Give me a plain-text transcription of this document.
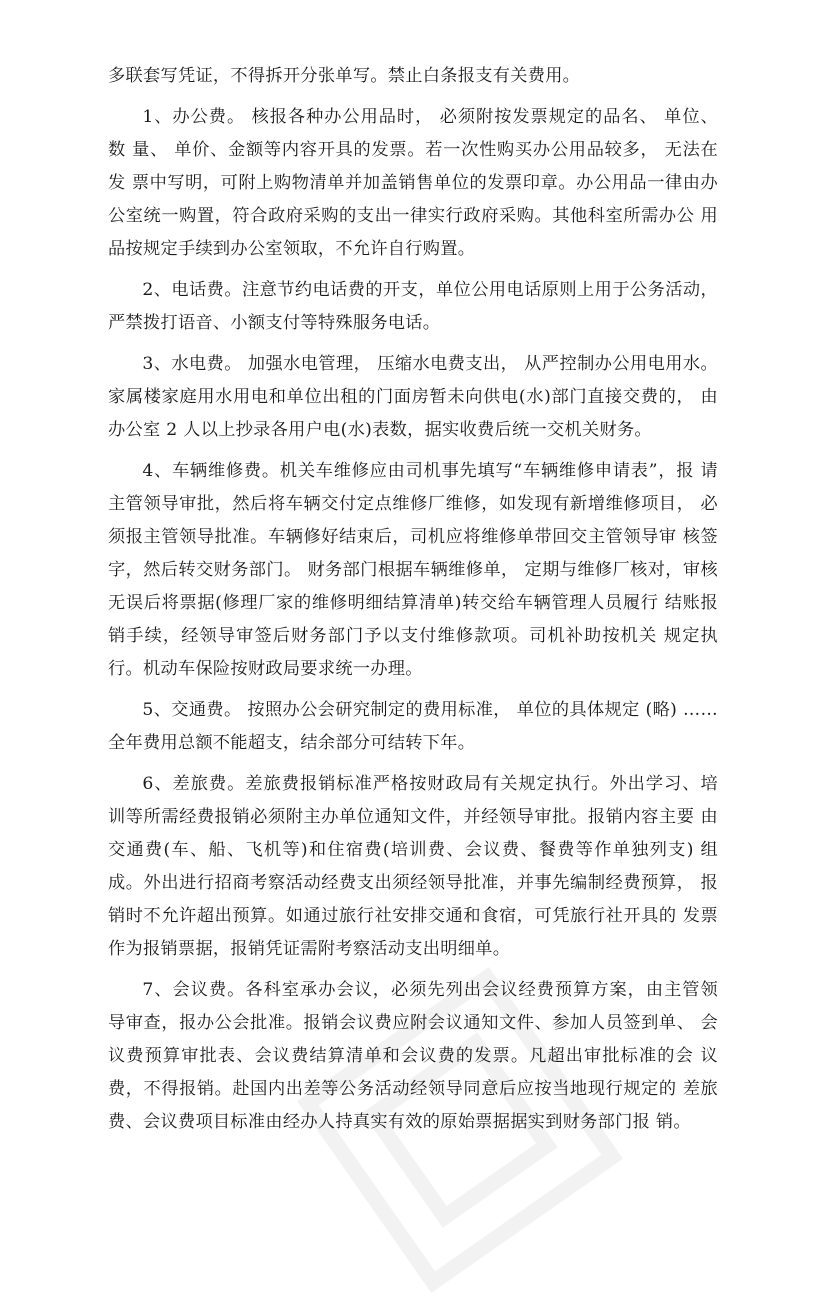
多联套写凭证，不得拆开分张单写。禁止白条报支有关费用。

1、办公费。 核报各种办公用品时， 必须附按发票规定的品名、 单位、 数 量、 单价、金额等内容开具的发票。若一次性购买办公用品较多， 无法在发 票中写明，可附上购物清单并加盖销售单位的发票印章。办公用品一律由办 公室统一购置，符合政府采购的支出一律实行政府采购。其他科室所需办公 用品按规定手续到办公室领取，不允许自行购置。

2、电话费。注意节约电话费的开支，单位公用电话原则上用于公务活动， 严禁拨打语音、小额支付等特殊服务电话。

3、水电费。 加强水电管理， 压缩水电费支出， 从严控制办公用电用水。 家属楼家庭用水用电和单位出租的门面房暂未向供电(水)部门直接交费的， 由办公室 2 人以上抄录各用户电(水)表数，据实收费后统一交机关财务。

4、车辆维修费。机关车维修应由司机事先填写“车辆维修申请表”，报 请主管领导审批，然后将车辆交付定点维修厂维修，如发现有新增维修项目， 必须报主管领导批准。车辆修好结束后，司机应将维修单带回交主管领导审 核签字，然后转交财务部门。 财务部门根据车辆维修单， 定期与维修厂核对，审核无误后将票据(修理厂家的维修明细结算清单)转交给车辆管理人员履行 结账报销手续，经领导审签后财务部门予以支付维修款项。司机补助按机关 规定执行。机动车保险按财政局要求统一办理。

5、交通费。 按照办公会研究制定的费用标准， 单位的具体规定 (略) …… 全年费用总额不能超支，结余部分可结转下年。

6、差旅费。差旅费报销标准严格按财政局有关规定执行。外出学习、培 训等所需经费报销必须附主办单位通知文件，并经领导审批。报销内容主要 由交通费(车、船、飞机等)和住宿费(培训费、会议费、餐费等作单独列支) 组成。外出进行招商考察活动经费支出须经领导批准，并事先编制经费预算， 报销时不允许超出预算。如通过旅行社安排交通和食宿，可凭旅行社开具的 发票作为报销票据，报销凭证需附考察活动支出明细单。

7、会议费。各科室承办会议，必须先列出会议经费预算方案，由主管领 导审查，报办公会批准。报销会议费应附会议通知文件、参加人员签到单、 会议费预算审批表、会议费结算清单和会议费的发票。凡超出审批标准的会 议费，不得报销。赴国内出差等公务活动经领导同意后应按当地现行规定的 差旅费、会议费项目标准由经办人持真实有效的原始票据据实到财务部门报 销。
